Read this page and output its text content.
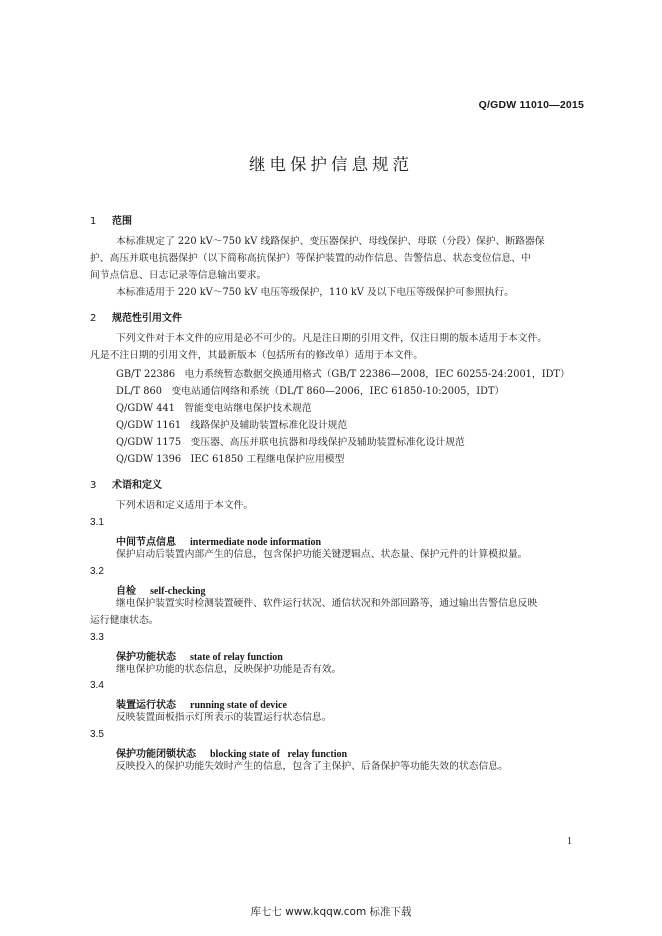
Q/GDW 11010—2015
继电保护信息规范
1 范围
本标准规定了 220 kV～750 kV 线路保护、变压器保护、母线保护、母联（分段）保护、断路器保
护、高压并联电抗器保护（以下简称高抗保护）等保护装置的动作信息、告警信息、状态变位信息、中
间节点信息、日志记录等信息输出要求。
本标准适用于 220 kV～750 kV 电压等级保护，110 kV 及以下电压等级保护可参照执行。
2 规范性引用文件
下列文件对于本文件的应用是必不可少的。凡是注日期的引用文件，仅注日期的版本适用于本文件。
凡是不注日期的引用文件，其最新版本（包括所有的修改单）适用于本文件。
GB/T 22386 电力系统暂态数据交换通用格式（GB/T 22386—2008，IEC 60255-24:2001，IDT）
DL/T 860 变电站通信网络和系统（DL/T 860—2006，IEC 61850-10:2005，IDT）
Q/GDW 441 智能变电站继电保护技术规范
Q/GDW 1161 线路保护及辅助装置标准化设计规范
Q/GDW 1175 变压器、高压并联电抗器和母线保护及辅助装置标准化设计规范
Q/GDW 1396 IEC 61850 工程继电保护应用模型
3 术语和定义
下列术语和定义适用于本文件。
3.1
中间节点信息 intermediate node information
保护启动后装置内部产生的信息，包含保护功能关键逻辑点、状态量、保护元件的计算模拟量。
3.2
自检 self-checking
继电保护装置实时检测装置硬件、软件运行状况、通信状况和外部回路等，通过输出告警信息反映
运行健康状态。
3.3
保护功能状态 state of relay function
继电保护功能的状态信息，反映保护功能是否有效。
3.4
装置运行状态 running state of device
反映装置面板指示灯所表示的装置运行状态信息。
3.5
保护功能闭锁状态 blocking state of   relay function
反映投入的保护功能失效时产生的信息，包含了主保护、后备保护等功能失效的状态信息。
1
库七七 www.kqqw.com 标准下载
